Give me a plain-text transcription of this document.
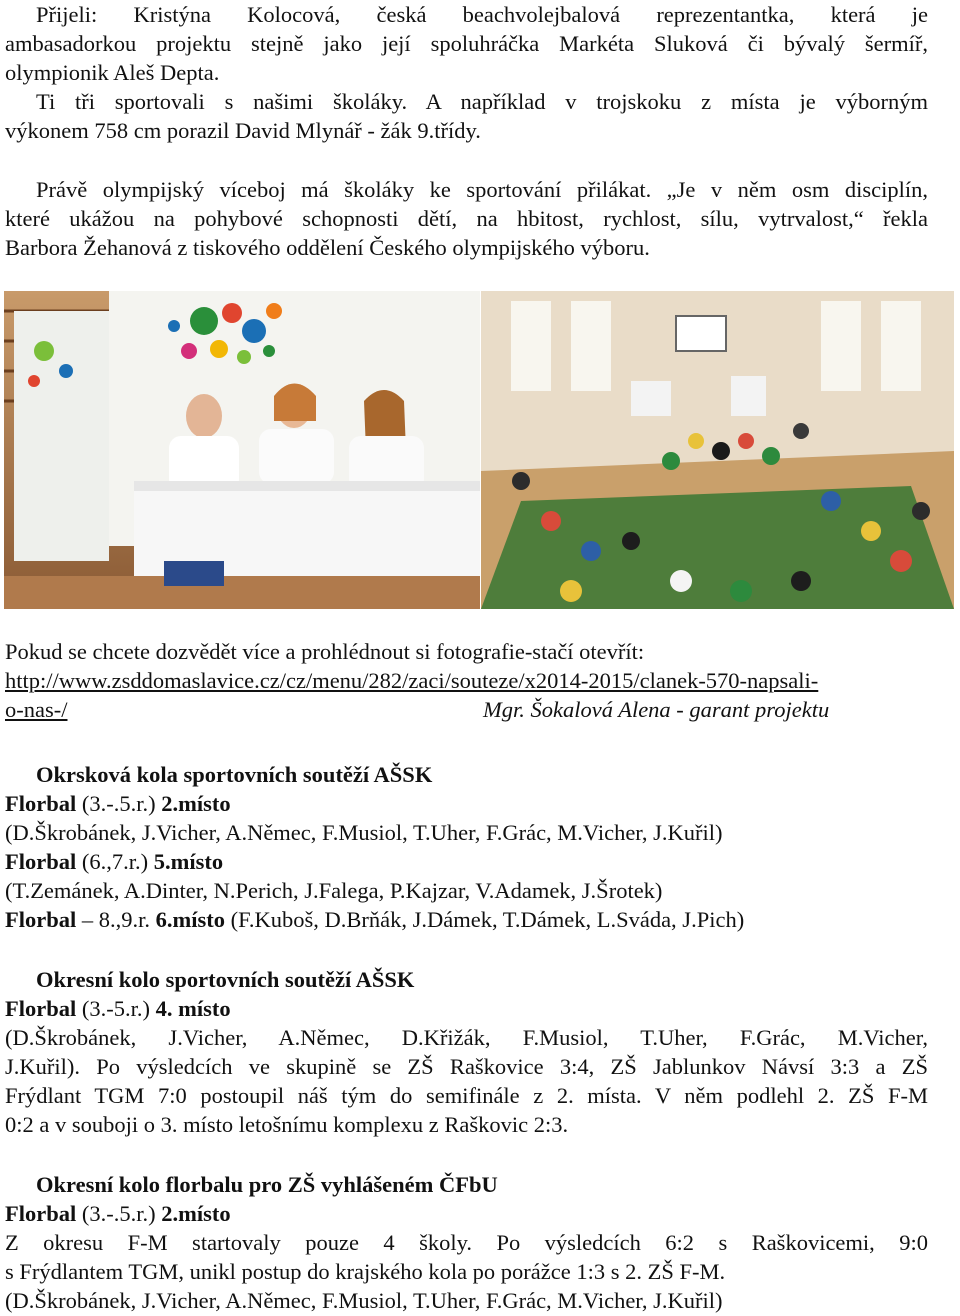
Přijeli: Kristýna Kolocová, česká beachvolejbalová reprezentantka, která je
ambasadorkou projektu stejně jako její spoluhráčka Markéta Sluková či bývalý šermíř,
olympionik Aleš Depta.
Ti tři sportovali s našimi školáky. A například v trojskoku z místa je výborným
výkonem 758 cm porazil David Mlynář - žák 9.třídy.
Právě olympijský víceboj má školáky ke sportování přilákat. „Je v něm osm disciplín,
které ukážou na pohybové schopnosti dětí, na hbitost, rychlost, sílu, vytrvalost,“ řekla
Barbora Žehanová z tiskového oddělení Českého olympijského výboru.
Pokud se chcete dozvědět více a prohlédnout si fotografie-stačí otevřít:
http://www.zsddomaslavice.cz/cz/menu/282/zaci/souteze/x2014-2015/clanek-570-napsali-
o-nas-/	Mgr. Šokalová Alena - garant projektu
Okrsková kola sportovních soutěží AŠSK
Florbal (3.-.5.r.) 2.místo
(D.Škrobánek, J.Vicher, A.Němec, F.Musiol, T.Uher, F.Grác, M.Vicher, J.Kuřil)
Florbal (6.,7.r.) 5.místo
(T.Zemánek, A.Dinter, N.Perich, J.Falega, P.Kajzar, V.Adamek, J.Šrotek)
Florbal – 8.,9.r. 6.místo (F.Kuboš, D.Brňák, J.Dámek, T.Dámek, L.Sváda, J.Pich)
Okresní kolo sportovních soutěží AŠSK
Florbal (3.-5.r.) 4. místo
(D.Škrobánek, J.Vicher, A.Němec, D.Křižák, F.Musiol, T.Uher, F.Grác, M.Vicher,
J.Kuřil). Po výsledcích ve skupině se ZŠ Raškovice 3:4, ZŠ Jablunkov Návsí 3:3 a ZŠ
Frýdlant TGM 7:0 postoupil náš tým do semifinále z 2. místa. V něm podlehl 2. ZŠ F-M
0:2 a v souboji o 3. místo letošnímu komplexu z Raškovic 2:3.
Okresní kolo florbalu pro ZŠ vyhlášeném ČFbU
Florbal (3.-.5.r.) 2.místo
Z okresu F-M startovaly pouze 4 školy. Po výsledcích 6:2 s Raškovicemi, 9:0
s Frýdlantem TGM, unikl postup do krajského kola po porážce 1:3 s 2. ZŠ F-M.
(D.Škrobánek, J.Vicher, A.Němec, F.Musiol, T.Uher, F.Grác, M.Vicher, J.Kuřil)
